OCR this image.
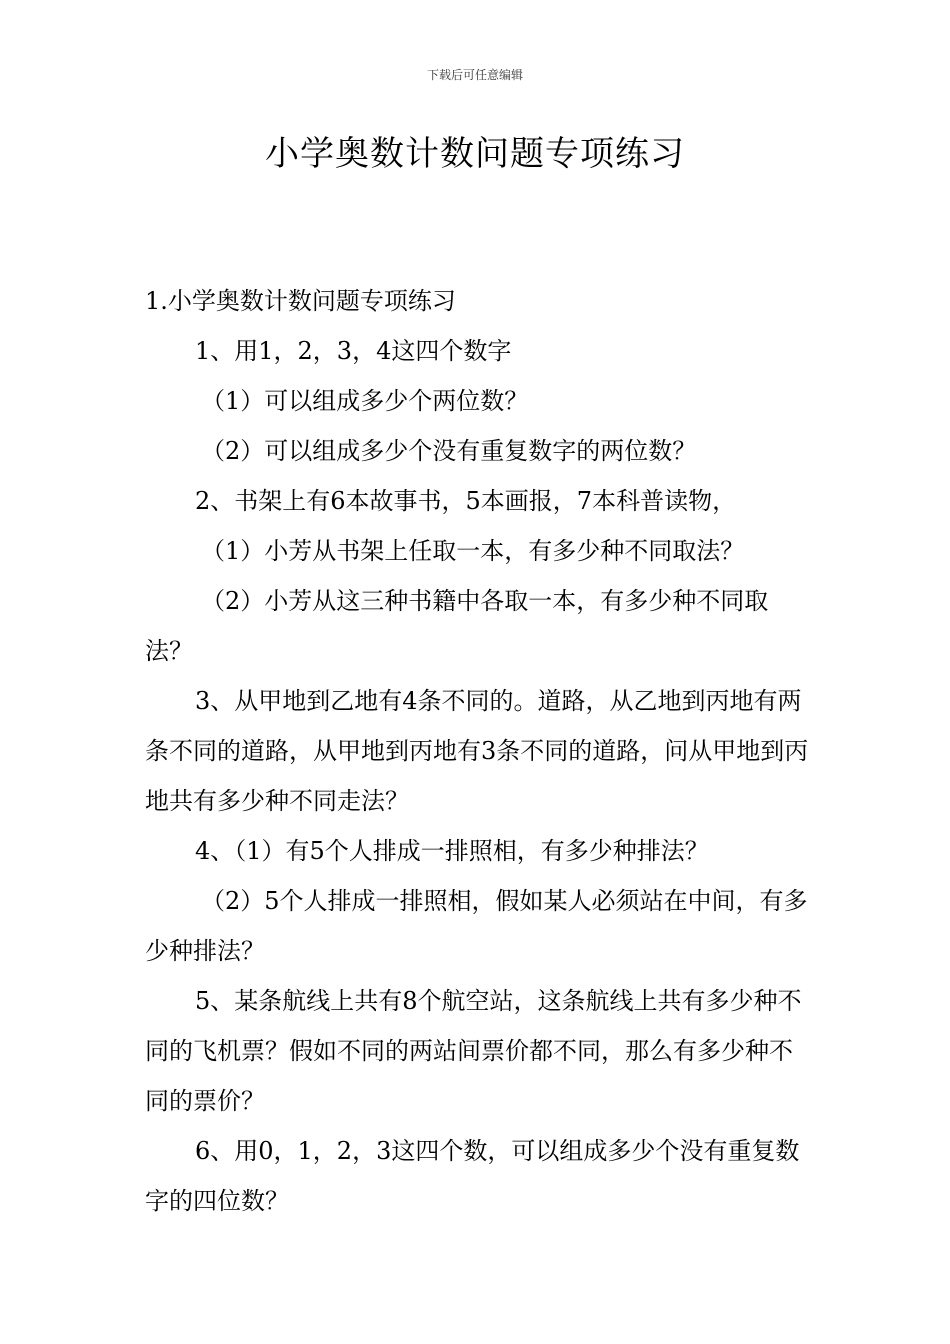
下载后可任意编辑
小学奥数计数问题专项练习

1.小学奥数计数问题专项练习

1、用1，2，3，4这四个数字

（1）可以组成多少个两位数？

（2）可以组成多少个没有重复数字的两位数？

2、书架上有6本故事书，5本画报，7本科普读物，

（1）小芳从书架上任取一本，有多少种不同取法？

（2）小芳从这三种书籍中各取一本，有多少种不同取法？

3、从甲地到乙地有4条不同的。道路，从乙地到丙地有两条不同的道路，从甲地到丙地有3条不同的道路，问从甲地到丙地共有多少种不同走法？

4、（1）有5个人排成一排照相，有多少种排法？

（2）5个人排成一排照相，假如某人必须站在中间，有多少种排法？

5、某条航线上共有8个航空站，这条航线上共有多少种不同的飞机票？假如不同的两站间票价都不同，那么有多少种不同的票价？

6、用0，1，2，3这四个数，可以组成多少个没有重复数字的四位数？
